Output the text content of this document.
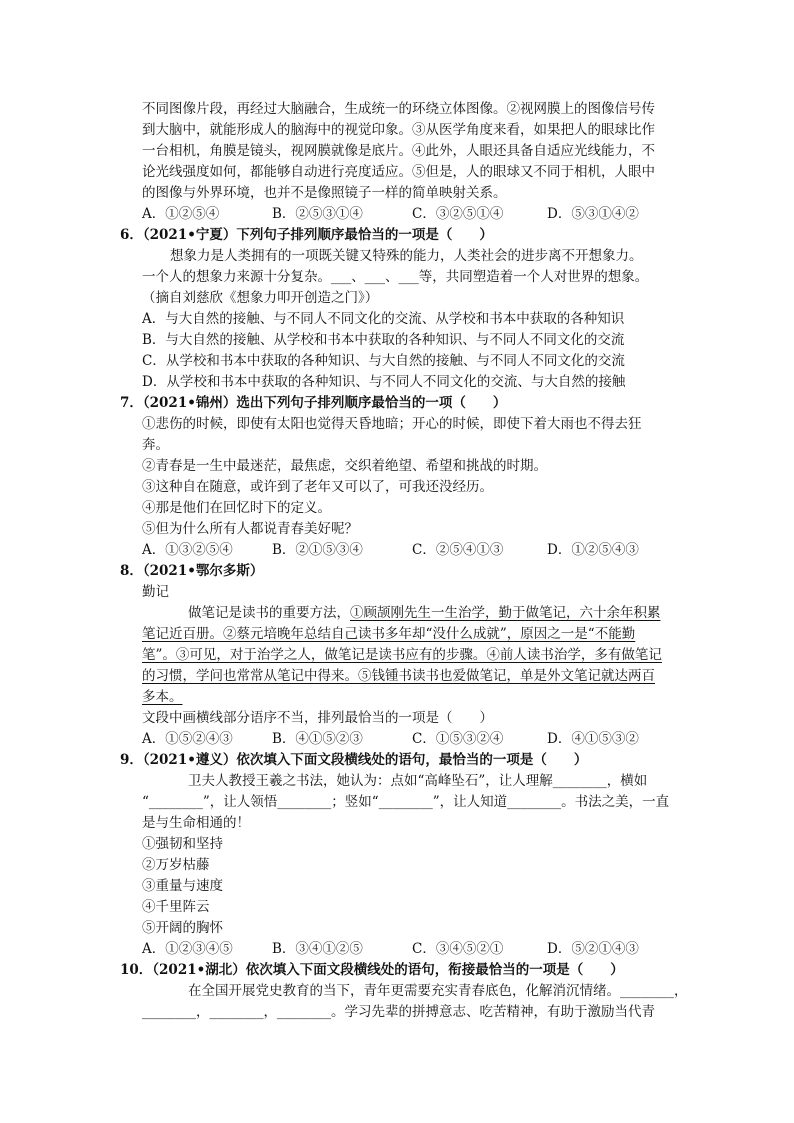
不同图像片段，再经过大脑融合，生成统一的环绕立体图像。②视网膜上的图像信号传
到大脑中，就能形成人的脑海中的视觉印象。③从医学角度来看，如果把人的眼球比作
一台相机，角膜是镜头，视网膜就像是底片。④此外，人眼还具备自适应光线能力，不
论光线强度如何，都能够自动进行亮度适应。⑤但是，人的眼球又不同于相机，人眼中
的图像与外界环境，也并不是像照镜子一样的简单映射关系。
A．①②⑤④	B．②⑤③①④	C．③②⑤①④	D．⑤③①④②
6．（2021•宁夏）下列句子排列顺序最恰当的一项是（　　）
想象力是人类拥有的一项既关键又特殊的能力，人类社会的进步离不开想象力。
一个人的想象力来源十分复杂。___、___、___等，共同塑造着一个人对世界的想象。
（摘自刘慈欣《想象力叩开创造之门》）
A．与大自然的接触、与不同人不同文化的交流、从学校和书本中获取的各种知识
B．与大自然的接触、从学校和书本中获取的各种知识、与不同人不同文化的交流
C．从学校和书本中获取的各种知识、与大自然的接触、与不同人不同文化的交流
D．从学校和书本中获取的各种知识、与不同人不同文化的交流、与大自然的接触
7．（2021•锦州）选出下列句子排列顺序最恰当的一项（　　）
①悲伤的时候，即使有太阳也觉得天昏地暗；开心的时候，即使下着大雨也不得去狂
奔。
②青春是一生中最迷茫，最焦虑，交织着绝望、希望和挑战的时期。
③这种自在随意，或许到了老年又可以了，可我还没经历。
④那是他们在回忆时下的定义。
⑤但为什么所有人都说青春美好呢？
A．①③②⑤④	B．②①⑤③④	C．②⑤④①③	D．①②⑤④③
8．（2021•鄂尔多斯）
勤记
做笔记是读书的重要方法，①顾颉刚先生一生治学，勤于做笔记，六十余年积累
笔记近百册。②蔡元培晚年总结自己读书多年却“没什么成就”，原因之一是“不能勤
笔”。③可见，对于治学之人，做笔记是读书应有的步骤。④前人读书治学，多有做笔记
的习惯，学问也常常从笔记中得来。⑤钱锺书读书也爱做笔记，单是外文笔记就达两百
多本。
文段中画横线部分语序不当，排列最恰当的一项是（　　）
A．①⑤②④③	B．④①⑤②③	C．①⑤③②④	D．④①⑤③②
9．（2021•遵义）依次填入下面文段横线处的语句，最恰当的一项是（　　）
卫夫人教授王羲之书法，她认为：点如“高峰坠石”，让人理解________，横如
“________”，让人领悟________；竖如“________”，让人知道________。书法之美，一直
是与生命相通的！
①强韧和坚持
②万岁枯藤
③重量与速度
④千里阵云
⑤开阔的胸怀
A．①②③④⑤	B．③④①②⑤	C．③④⑤②①	D．⑤②①④③
10．（2021•湖北）依次填入下面文段横线处的语句，衔接最恰当的一项是（　　）
在全国开展党史教育的当下，青年更需要充实青春底色，化解消沉情绪。________，
________，________，________。学习先辈的拼搏意志、吃苦精神，有助于激励当代青
